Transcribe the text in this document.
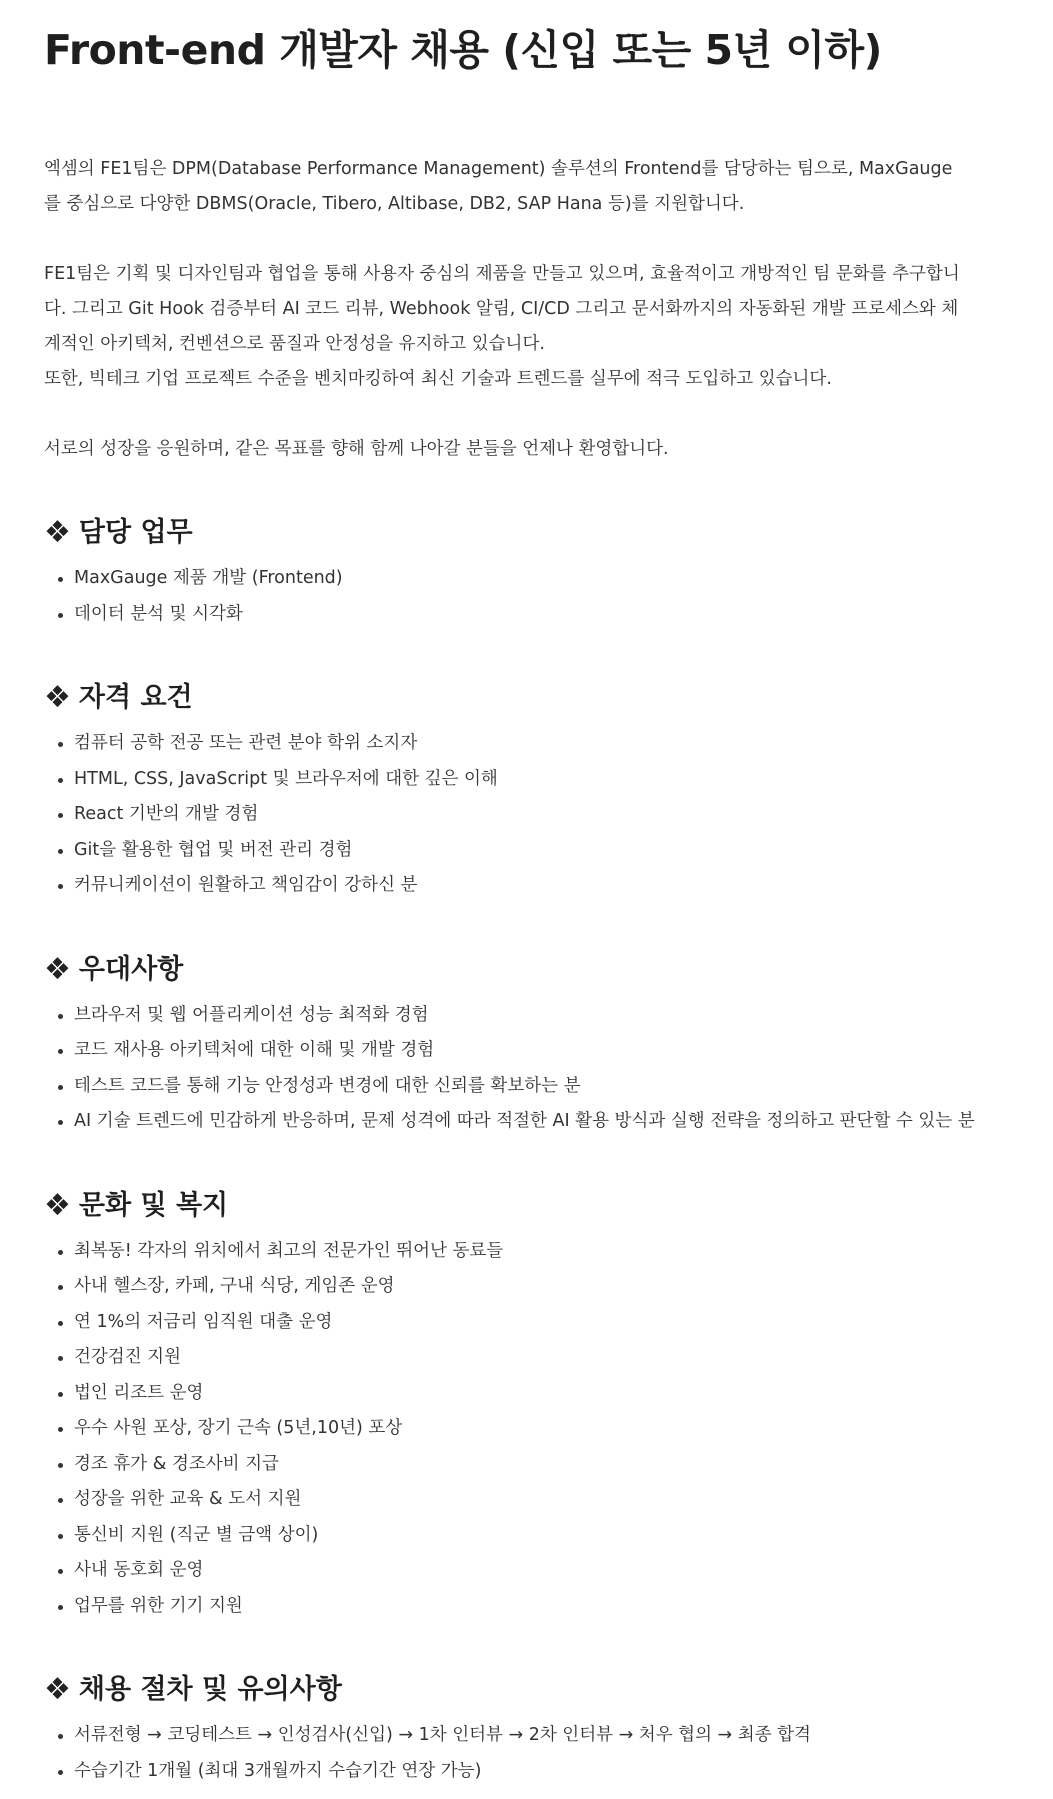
Front-end 개발자 채용 (신입 또는 5년 이하)

엑셈의 FE1팀은 DPM(Database Performance Management) 솔루션의 Frontend를 담당하는 팀으로, MaxGauge
를 중심으로 다양한 DBMS(Oracle, Tibero, Altibase, DB2, SAP Hana 등)를 지원합니다.

FE1팀은 기획 및 디자인팀과 협업을 통해 사용자 중심의 제품을 만들고 있으며, 효율적이고 개방적인 팀 문화를 추구합니
다. 그리고 Git Hook 검증부터 AI 코드 리뷰, Webhook 알림, CI/CD 그리고 문서화까지의 자동화된 개발 프로세스와 체
계적인 아키텍처, 컨벤션으로 품질과 안정성을 유지하고 있습니다.
또한, 빅테크 기업 프로젝트 수준을 벤치마킹하여 최신 기술과 트렌드를 실무에 적극 도입하고 있습니다.

서로의 성장을 응원하며, 같은 목표를 향해 함께 나아갈 분들을 언제나 환영합니다.

❖ 담당 업무
MaxGauge 제품 개발 (Frontend)
데이터 분석 및 시각화
❖ 자격 요건
컴퓨터 공학 전공 또는 관련 분야 학위 소지자
HTML, CSS, JavaScript 및 브라우저에 대한 깊은 이해
React 기반의 개발 경험
Git을 활용한 협업 및 버전 관리 경험
커뮤니케이션이 원활하고 책임감이 강하신 분
❖ 우대사항
브라우저 및 웹 어플리케이션 성능 최적화 경험
코드 재사용 아키텍처에 대한 이해 및 개발 경험
테스트 코드를 통해 기능 안정성과 변경에 대한 신뢰를 확보하는 분
AI 기술 트렌드에 민감하게 반응하며, 문제 성격에 따라 적절한 AI 활용 방식과 실행 전략을 정의하고 판단할 수 있는 분
❖ 문화 및 복지
최복동! 각자의 위치에서 최고의 전문가인 뛰어난 동료들
사내 헬스장, 카페, 구내 식당, 게임존 운영
연 1%의 저금리 임직원 대출 운영
건강검진 지원
법인 리조트 운영
우수 사원 포상, 장기 근속 (5년,10년) 포상
경조 휴가 & 경조사비 지급
성장을 위한 교육 & 도서 지원
통신비 지원 (직군 별 금액 상이)
사내 동호회 운영
업무를 위한 기기 지원
❖ 채용 절차 및 유의사항
서류전형 → 코딩테스트 → 인성검사(신입) → 1차 인터뷰 → 2차 인터뷰 → 처우 협의 → 최종 합격
수습기간 1개월 (최대 3개월까지 수습기간 연장 가능)
